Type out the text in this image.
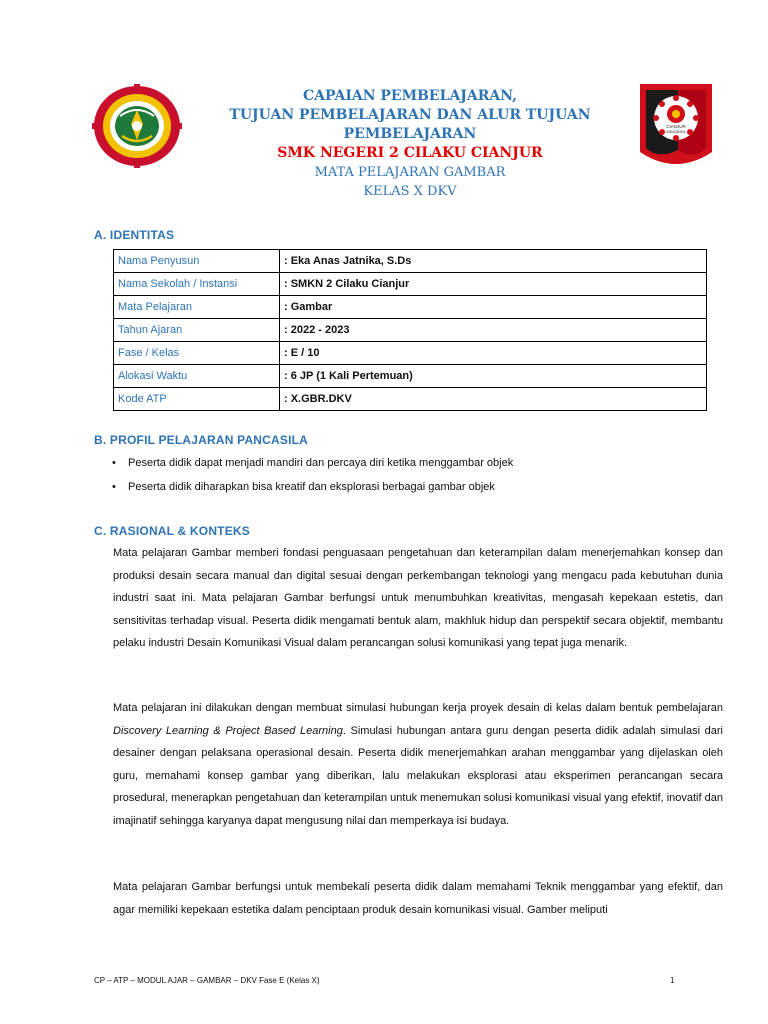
CIANJUR
INDONESIA
CAPAIAN PEMBELAJARAN,
TUJUAN PEMBELAJARAN DAN ALUR TUJUAN PEMBELAJARAN
SMK NEGERI 2 CILAKU CIANJUR
MATA PELAJARAN GAMBAR
KELAS X DKV
A. IDENTITAS
Nama Penyusun	: Eka Anas Jatnika, S.Ds
Nama Sekolah / Instansi	: SMKN 2 Cilaku Cianjur
Mata Pelajaran	: Gambar
Tahun Ajaran	: 2022 - 2023
Fase / Kelas	: E / 10
Alokasi Waktu	: 6 JP (1 Kali Pertemuan)
Kode ATP	: X.GBR.DKV
B. PROFIL PELAJARAN PANCASILA
• Peserta didik dapat menjadi mandiri dan percaya diri ketika menggambar objek
• Peserta didik diharapkan bisa kreatif dan eksplorasi berbagai gambar objek
C. RASIONAL & KONTEKS
Mata pelajaran Gambar memberi fondasi penguasaan pengetahuan dan keterampilan dalam menerjemahkan konsep dan produksi desain secara manual dan digital sesuai dengan perkembangan teknologi yang mengacu pada kebutuhan dunia industri saat ini. Mata pelajaran Gambar berfungsi untuk menumbuhkan kreativitas, mengasah kepekaan estetis, dan sensitivitas terhadap visual. Peserta didik mengamati bentuk alam, makhluk hidup dan perspektif secara objektif, membantu pelaku industri Desain Komunikasi Visual dalam perancangan solusi komunikasi yang tepat juga menarik.
Mata pelajaran ini dilakukan dengan membuat simulasi hubungan kerja proyek desain di kelas dalam bentuk pembelajaran Discovery Learning & Project Based Learning. Simulasi hubungan antara guru dengan peserta didik adalah simulasi dari desainer dengan pelaksana operasional desain. Peserta didik menerjemahkan arahan menggambar yang dijelaskan oleh guru, memahami konsep gambar yang diberikan, lalu melakukan eksplorasi atau eksperimen perancangan secara prosedural, menerapkan pengetahuan dan keterampilan untuk menemukan solusi komunikasi visual yang efektif, inovatif dan imajinatif sehingga karyanya dapat mengusung nilai dan memperkaya isi budaya.
Mata pelajaran Gambar berfungsi untuk membekali peserta didik dalam memahami Teknik menggambar yang efektif, dan agar memiliki kepekaan estetika dalam penciptaan produk desain komunikasi visual. Gamber meliputi
CP – ATP – MODUL AJAR – GAMBAR – DKV Fase E (Kelas X)	1
